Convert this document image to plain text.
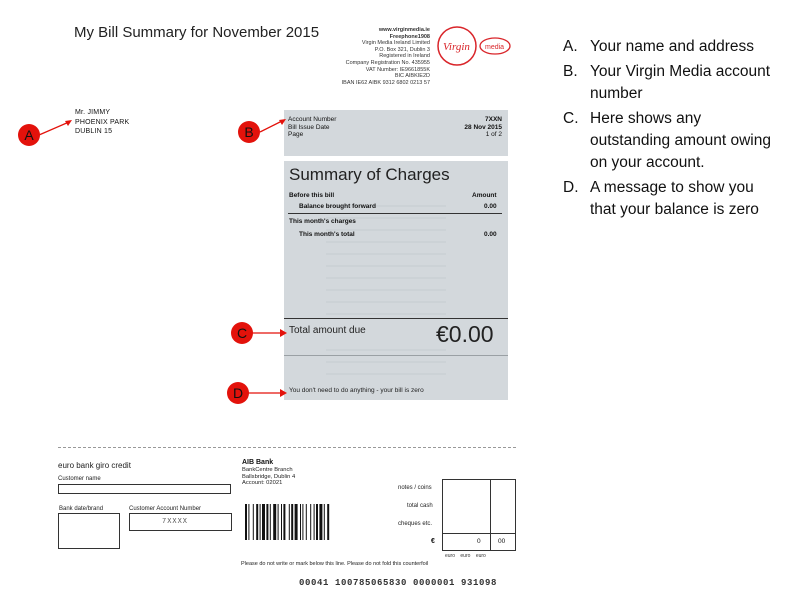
My Bill Summary for November 2015	www.virginmedia.ie
Freephone1908
Virgin Media Ireland Limited
P.O. Box 321, Dublin 3
Registered in Ireland
Company Registration No. 435955
VAT Number: IE9661855K
BIC AIBKIE2D
IBAN IE62 AIBK 9312 6802 0213 57
Virgin media
Mr. JIMMY
PHOENIX PARK
DUBLIN 15
A
Account Number	7XXN
Bill Issue Date	28 Nov 2015
Page	1 of 2
B
Summary of Charges
Before this bill	Amount
Balance brought forward	0.00
This month's charges
This month's total	0.00
Total amount due	€0.00
You don't need to do anything - your bill is zero
C
D
A. Your name and address
B. Your Virgin Media account number
C. Here shows any outstanding amount owing on your account.
D. A message to show you that your balance is zero
euro bank giro credit
Customer name
Bank date/brand	Customer Account Number
7XXXX
AIB Bank
BankCentre Branch
Ballsbridge, Dublin 4
Account: 02021
notes / coins
total cash
cheques etc.
€	0	00
euro euro euro
Please do not write or mark below this line. Please do not fold this counterfoil
00041 100785065830 0000001 931098
